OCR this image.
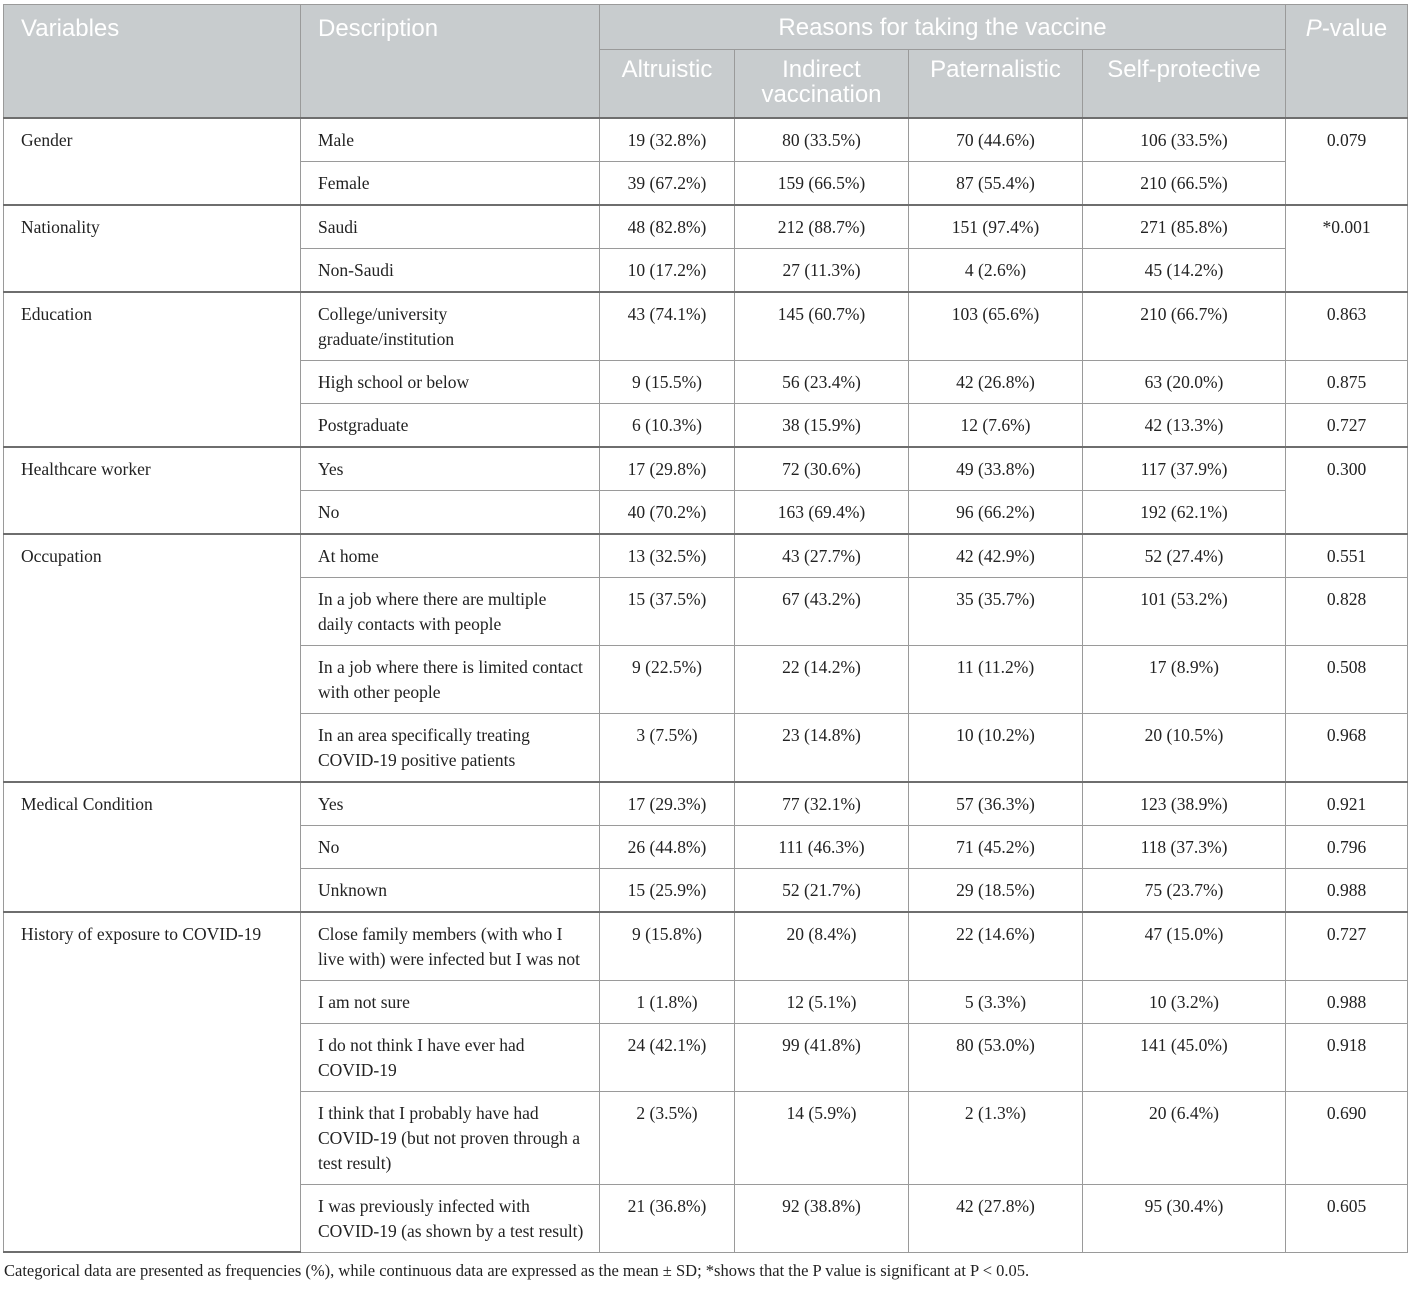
Variables	Description	Reasons for taking the vaccine				P-value
		Altruistic	Indirect vaccination	Paternalistic	Self-protective	
Gender	Male	19 (32.8%)	80 (33.5%)	70 (44.6%)	106 (33.5%)	0.079
	Female	39 (67.2%)	159 (66.5%)	87 (55.4%)	210 (66.5%)	
Nationality	Saudi	48 (82.8%)	212 (88.7%)	151 (97.4%)	271 (85.8%)	*0.001
	Non-Saudi	10 (17.2%)	27 (11.3%)	4 (2.6%)	45 (14.2%)	
Education	College/university graduate/institution	43 (74.1%)	145 (60.7%)	103 (65.6%)	210 (66.7%)	0.863
	High school or below	9 (15.5%)	56 (23.4%)	42 (26.8%)	63 (20.0%)	0.875
	Postgraduate	6 (10.3%)	38 (15.9%)	12 (7.6%)	42 (13.3%)	0.727
Healthcare worker	Yes	17 (29.8%)	72 (30.6%)	49 (33.8%)	117 (37.9%)	0.300
	No	40 (70.2%)	163 (69.4%)	96 (66.2%)	192 (62.1%)	
Occupation	At home	13 (32.5%)	43 (27.7%)	42 (42.9%)	52 (27.4%)	0.551
	In a job where there are multiple daily contacts with people	15 (37.5%)	67 (43.2%)	35 (35.7%)	101 (53.2%)	0.828
	In a job where there is limited contact with other people	9 (22.5%)	22 (14.2%)	11 (11.2%)	17 (8.9%)	0.508
	In an area specifically treating COVID-19 positive patients	3 (7.5%)	23 (14.8%)	10 (10.2%)	20 (10.5%)	0.968
Medical Condition	Yes	17 (29.3%)	77 (32.1%)	57 (36.3%)	123 (38.9%)	0.921
	No	26 (44.8%)	111 (46.3%)	71 (45.2%)	118 (37.3%)	0.796
	Unknown	15 (25.9%)	52 (21.7%)	29 (18.5%)	75 (23.7%)	0.988
History of exposure to COVID-19	Close family members (with who I live with) were infected but I was not	9 (15.8%)	20 (8.4%)	22 (14.6%)	47 (15.0%)	0.727
	I am not sure	1 (1.8%)	12 (5.1%)	5 (3.3%)	10 (3.2%)	0.988
	I do not think I have ever had COVID-19	24 (42.1%)	99 (41.8%)	80 (53.0%)	141 (45.0%)	0.918
	I think that I probably have had COVID-19 (but not proven through a test result)	2 (3.5%)	14 (5.9%)	2 (1.3%)	20 (6.4%)	0.690
	I was previously infected with COVID-19 (as shown by a test result)	21 (36.8%)	92 (38.8%)	42 (27.8%)	95 (30.4%)	0.605
Categorical data are presented as frequencies (%), while continuous data are expressed as the mean ± SD; *shows that the P value is significant at P < 0.05.
